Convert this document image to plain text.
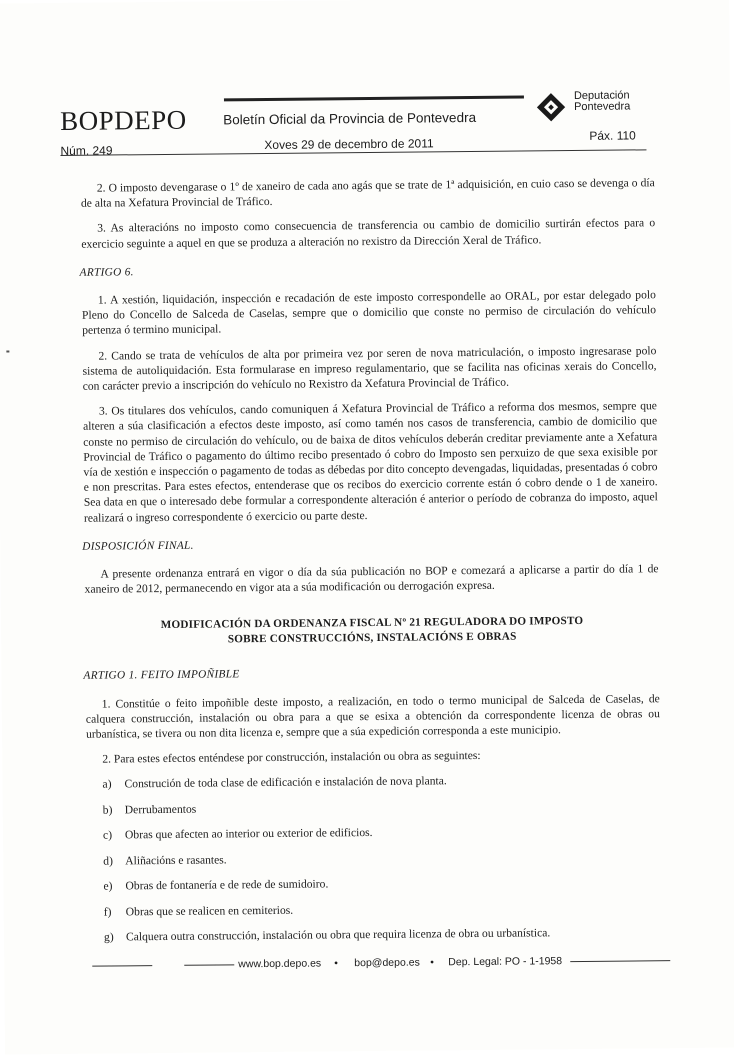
BOPDEPO	Boletín Oficial da Provincia de Pontevedra
Deputación
Pontevedra
Núm. 249	Xoves 29 de decembro de 2011
Páx. 110

2. O imposto devengarase o 1º de xaneiro de cada ano agás que se trate de 1ª adquisición, en cuio caso se devenga o día de alta na Xefatura Provincial de Tráfico.

3. As alteracións no imposto como consecuencia de transferencia ou cambio de domicilio surtirán efectos para o exercicio seguinte a aquel en que se produza a alteración no rexistro da Dirección Xeral de Tráfico.

ARTIGO 6.

1. A xestión, liquidación, inspección e recadación de este imposto correspondelle ao ORAL, por estar delegado polo Pleno do Concello de Salceda de Caselas, sempre que o domicilio que conste no permiso de circulación do vehículo pertenza ó termino municipal.

2. Cando se trata de vehículos de alta por primeira vez por seren de nova matriculación, o imposto ingresarase polo sistema de autoliquidación. Esta formularase en impreso regulamentario, que se facilita nas oficinas xerais do Concello, con carácter previo a inscripción do vehículo no Rexistro da Xefatura Provincial de Tráfico.

3. Os titulares dos vehículos, cando comuniquen á Xefatura Provincial de Tráfico a reforma dos mesmos, sempre que alteren a súa clasificación a efectos deste imposto, así como tamén nos casos de transferencia, cambio de domicilio que conste no permiso de circulación do vehículo, ou de baixa de ditos vehículos deberán creditar previamente ante a Xefatura Provincial de Tráfico o pagamento do último recibo presentado ó cobro do Imposto sen perxuizo de que sexa exisible por vía de xestión e inspección o pagamento de todas as débedas por dito concepto devengadas, liquidadas, presentadas ó cobro e non prescritas. Para estes efectos, entenderase que os recibos do exercicio corrente están ó cobro dende o 1 de xaneiro. Sea data en que o interesado debe formular a correspondente alteración é anterior o período de cobranza do imposto, aquel realizará o ingreso correspondente ó exercicio ou parte deste.

DISPOSICIÓN FINAL.

A presente ordenanza entrará en vigor o día da súa publicación no BOP e comezará a aplicarse a partir do día 1 de xaneiro de 2012, permanecendo en vigor ata a súa modificación ou derrogación expresa.

MODIFICACIÓN DA ORDENANZA FISCAL Nº 21 REGULADORA DO IMPOSTO
SOBRE CONSTRUCCIÓNS, INSTALACIÓNS E OBRAS
ARTIGO 1. FEITO IMPOÑIBLE

1. Constitúe o feito impoñible deste imposto, a realización, en todo o termo municipal de Salceda de Caselas, de calquera construcción, instalación ou obra para a que se esixa a obtención da correspondente licenza de obras ou urbanística, se tivera ou non dita licenza e, sempre que a súa expedición corresponda a este municipio.

2. Para estes efectos enténdese por construcción, instalación ou obra as seguintes:

a)	Construción de toda clase de edificación e instalación de nova planta.
b)	Derrubamentos
c)	Obras que afecten ao interior ou exterior de edificios.
d)	Aliñacións e rasantes.
e)	Obras de fontanería e de rede de sumidoiro.
f)	Obras que se realicen en cemiterios.
g)	Calquera outra construcción, instalación ou obra que requira licenza de obra ou urbanística.
www.bop.depo.es • bop@depo.es • Dep. Legal: PO - 1-1958
